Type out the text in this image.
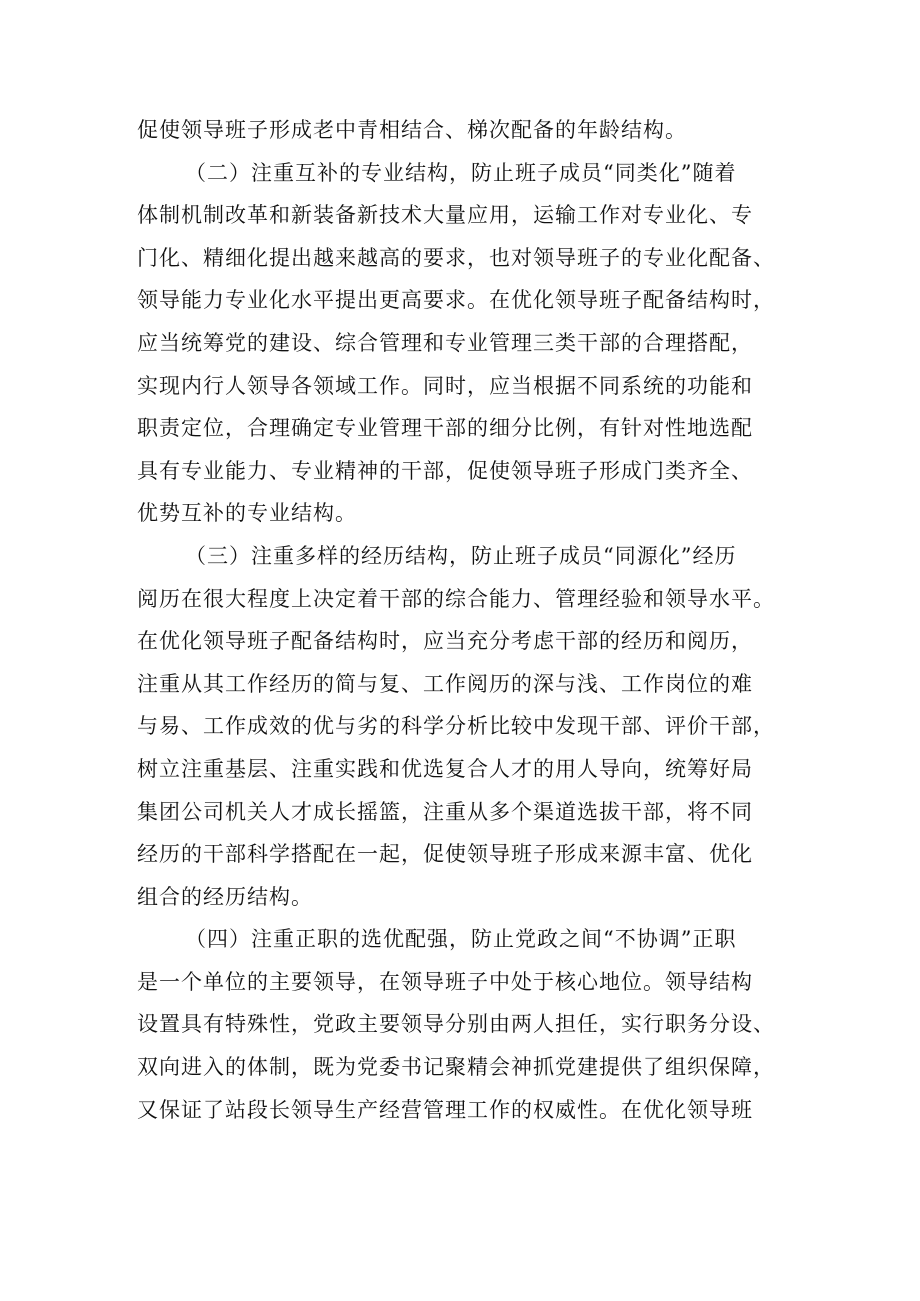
促使领导班子形成老中青相结合、梯次配备的年龄结构。
（二）注重互补的专业结构，防止班子成员“同类化”随着
体制机制改革和新装备新技术大量应用，运输工作对专业化、专
门化、精细化提出越来越高的要求，也对领导班子的专业化配备、
领导能力专业化水平提出更高要求。在优化领导班子配备结构时，
应当统筹党的建设、综合管理和专业管理三类干部的合理搭配，
实现内行人领导各领域工作。同时，应当根据不同系统的功能和
职责定位，合理确定专业管理干部的细分比例，有针对性地选配
具有专业能力、专业精神的干部，促使领导班子形成门类齐全、
优势互补的专业结构。
（三）注重多样的经历结构，防止班子成员“同源化”经历
阅历在很大程度上决定着干部的综合能力、管理经验和领导水平。
在优化领导班子配备结构时，应当充分考虑干部的经历和阅历，
注重从其工作经历的简与复、工作阅历的深与浅、工作岗位的难
与易、工作成效的优与劣的科学分析比较中发现干部、评价干部，
树立注重基层、注重实践和优选复合人才的用人导向，统筹好局
集团公司机关人才成长摇篮，注重从多个渠道选拔干部，将不同
经历的干部科学搭配在一起，促使领导班子形成来源丰富、优化
组合的经历结构。
（四）注重正职的选优配强，防止党政之间“不协调”正职
是一个单位的主要领导，在领导班子中处于核心地位。领导结构
设置具有特殊性，党政主要领导分别由两人担任，实行职务分设、
双向进入的体制，既为党委书记聚精会神抓党建提供了组织保障，
又保证了站段长领导生产经营管理工作的权威性。在优化领导班
